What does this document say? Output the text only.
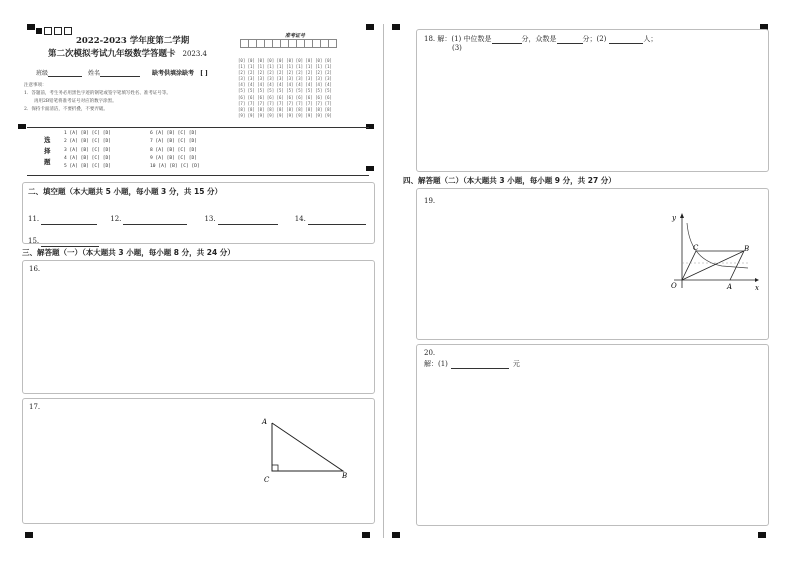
2022-2023 学年度第二学期
第二次模拟考试九年级数学答题卡 2023.4
班级	姓名	缺考供填涂缺考 [ ]
注意事项：
1．答题前，考生务必用黑色字迹的钢笔或签字笔填写姓名、准考证号等。
再用2B铅笔将准考证号对应的数字涂黑。
2．保持卡面清洁，不要折叠，不要弄破。
准考证号

[0] [0] [0] [0] [0] [0] [0] [0] [0] [0]
[1] [1] [1] [1] [1] [1] [1] [1] [1] [1]
[2] [2] [2] [2] [2] [2] [2] [2] [2] [2]
[3] [3] [3] [3] [3] [3] [3] [3] [3] [3]
[4] [4] [4] [4] [4] [4] [4] [4] [4] [4]
[5] [5] [5] [5] [5] [5] [5] [5] [5] [5]
[6] [6] [6] [6] [6] [6] [6] [6] [6] [6]
[7] [7] [7] [7] [7] [7] [7] [7] [7] [7]
[8] [8] [8] [8] [8] [8] [8] [8] [8] [8]
[9] [9] [9] [9] [9] [9] [9] [9] [9] [9]
选
择
题
1 [A] [B] [C] [D]
2 [A] [B] [C] [D]
3 [A] [B] [C] [D]
4 [A] [B] [C] [D]
5 [A] [B] [C] [D]
6 [A] [B] [C] [D]
7 [A] [B] [C] [D]
8 [A] [B] [C] [D]
9 [A] [B] [C] [D]
10 [A] [B] [C] [D]
二、填空题（本大题共 5 小题，每小题 3 分，共 15 分）
11.	12.	13.	14.
15.
三、解答题（一）（本大题共 3 小题，每小题 8 分，共 24 分）
16.
17.
A
C	B
18. 解：(1) 中位数是	分，众数是	分；(2)	人；
(3)
四、解答题（二）（本大题共 3 小题，每小题 9 分，共 27 分）
19.
y
x
O	A
B
C
20.
解：(1)	元
